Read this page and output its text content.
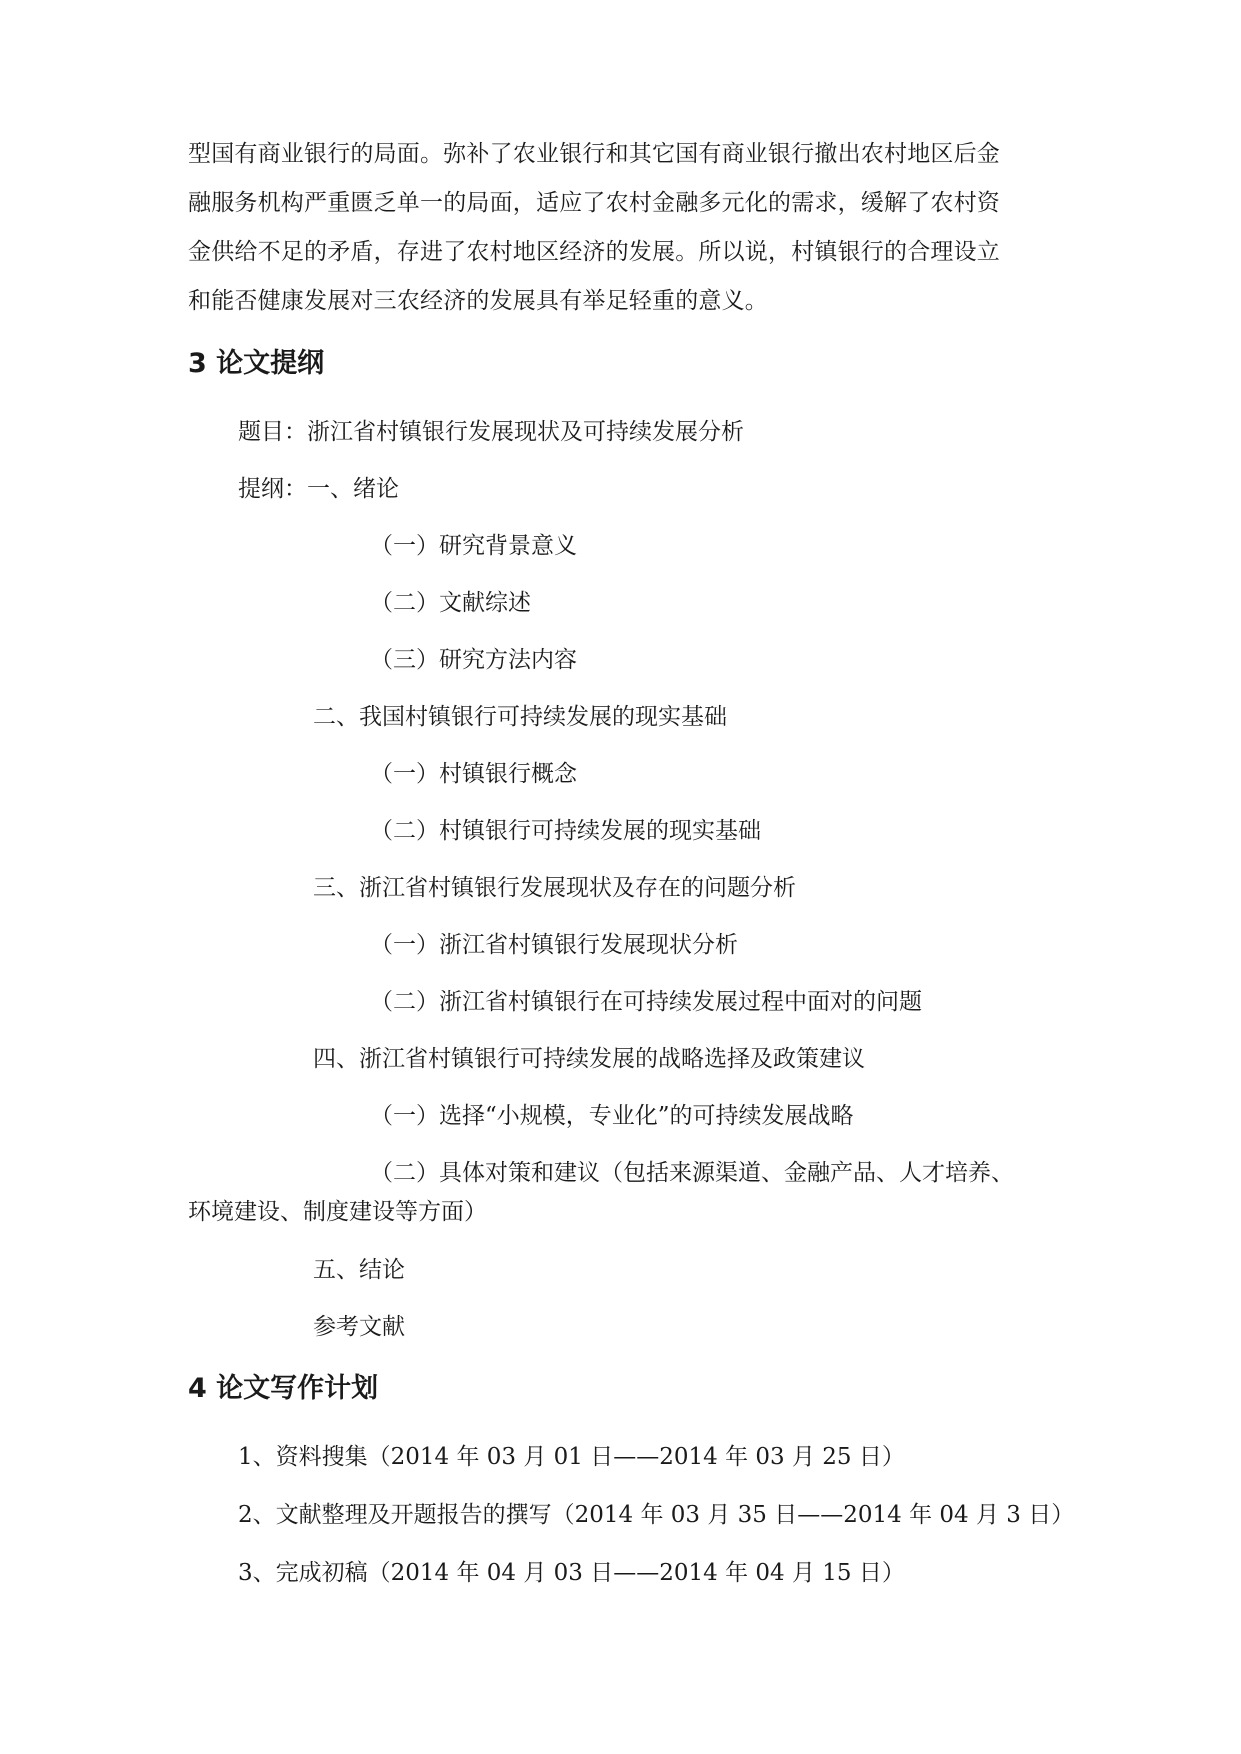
型国有商业银行的局面。弥补了农业银行和其它国有商业银行撤出农村地区后金
融服务机构严重匮乏单一的局面，适应了农村金融多元化的需求，缓解了农村资
金供给不足的矛盾，存进了农村地区经济的发展。所以说，村镇银行的合理设立
和能否健康发展对三农经济的发展具有举足轻重的意义。
3 论文提纲
题目：浙江省村镇银行发展现状及可持续发展分析
提纲：一、绪论
（一）研究背景意义
（二）文献综述
（三）研究方法内容
二、我国村镇银行可持续发展的现实基础
（一）村镇银行概念
（二）村镇银行可持续发展的现实基础
三、浙江省村镇银行发展现状及存在的问题分析
（一）浙江省村镇银行发展现状分析
（二）浙江省村镇银行在可持续发展过程中面对的问题
四、浙江省村镇银行可持续发展的战略选择及政策建议
（一）选择“小规模，专业化”的可持续发展战略
（二）具体对策和建议（包括来源渠道、金融产品、人才培养、
环境建设、制度建设等方面）
五、结论
参考文献
4 论文写作计划
1、资料搜集（2014 年 03 月 01 日——2014 年 03 月 25 日）
2、文献整理及开题报告的撰写（2014 年 03 月 35 日——2014 年 04 月 3 日）
3、完成初稿（2014 年 04 月 03 日——2014 年 04 月 15 日）
